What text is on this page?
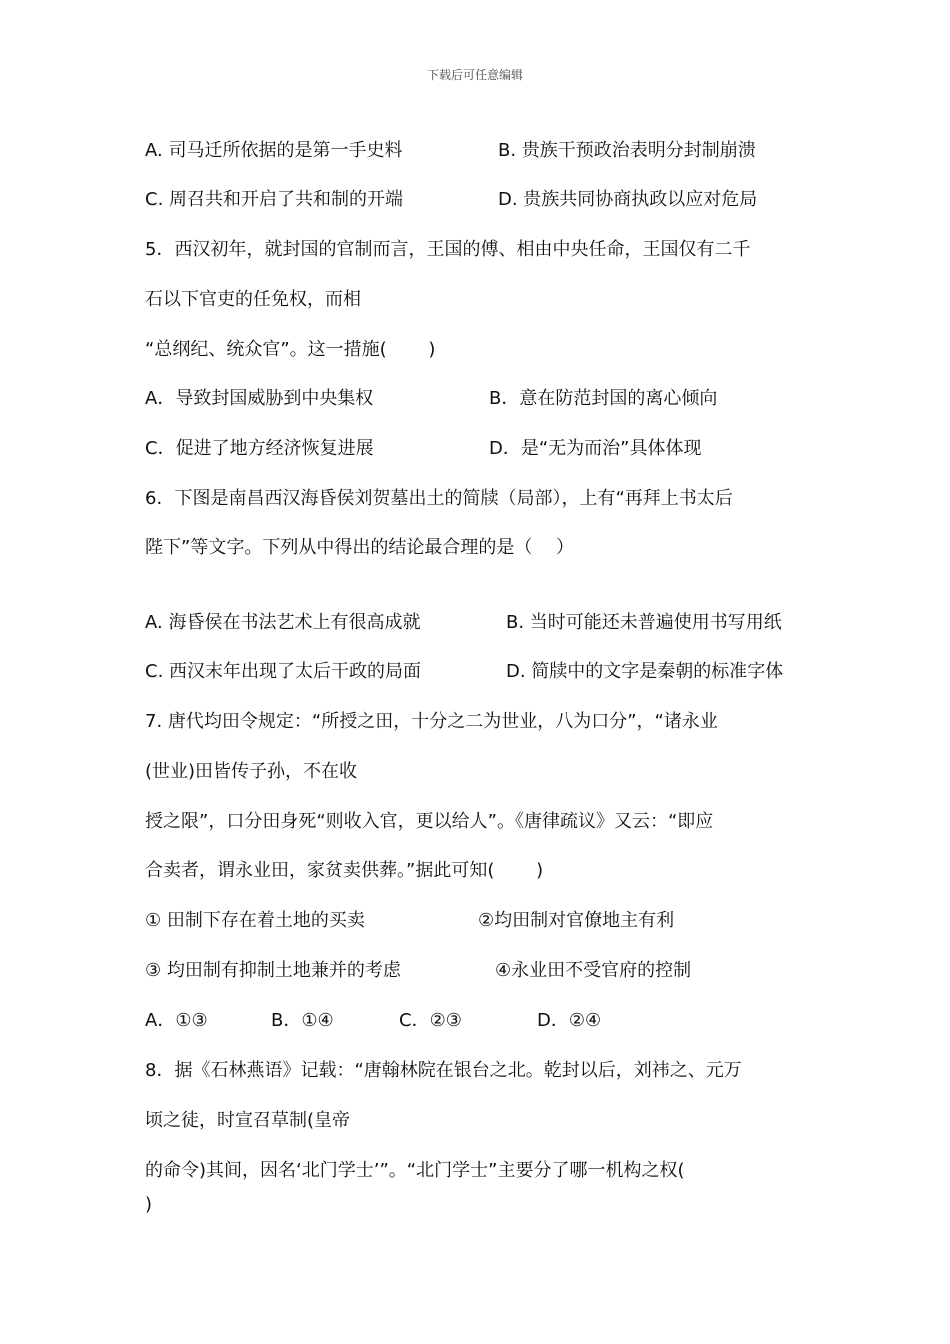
下载后可任意编辑
A. 司马迁所依据的是第一手史料	B. 贵族干预政治表明分封制崩溃
C. 周召共和开启了共和制的开端	D. 贵族共同协商执政以应对危局
5．西汉初年，就封国的官制而言，王国的傅、相由中央任命，王国仅有二千
石以下官吏的任免权，而相
“总纲纪、统众官”。这一措施(　　 )
A．导致封国威胁到中央集权	B．意在防范封国的离心倾向
C．促进了地方经济恢复进展	D．是“无为而治”具体体现
6．下图是南昌西汉海昏侯刘贺墓出土的简牍（局部），上有“再拜上书太后
陛下”等文字。下列从中得出的结论最合理的是（　 ）
A. 海昏侯在书法艺术上有很高成就	B. 当时可能还未普遍使用书写用纸
C. 西汉末年出现了太后干政的局面	D. 简牍中的文字是秦朝的标准字体
7. 唐代均田令规定：“所授之田，十分之二为世业，八为口分”，“诸永业
(世业)田皆传子孙，不在收
授之限”，口分田身死“则收入官，更以给人”。《唐律疏议》又云：“即应
合卖者，谓永业田，家贫卖供葬。”据此可知(　　 )
① 田制下存在着土地的买卖	②均田制对官僚地主有利
③ 均田制有抑制土地兼并的考虑	④永业田不受官府的控制
A．①③	B．①④	C．②③	D．②④
8．据《石林燕语》记载：“唐翰林院在银台之北。乾封以后，刘祎之、元万
顷之徒，时宣召草制(皇帝
的命令)其间，因名‘北门学士’”。“北门学士”主要分了哪一机构之权(
)
